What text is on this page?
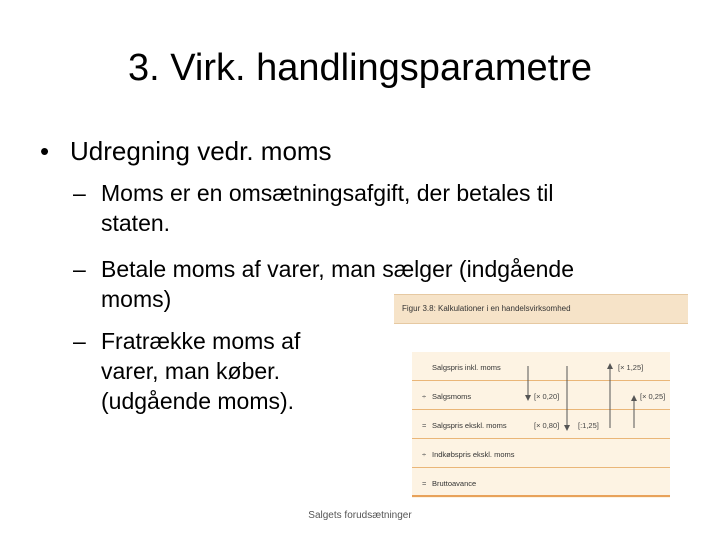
3. Virk. handlingsparametre
• Udregning vedr. moms
– Moms er en omsætningsafgift, der betales til
staten.
– Betale moms af varer, man sælger (indgående
moms)
– Fratrække moms af
varer, man køber.
(udgående moms).
Figur 3.8: Kalkulationer i en handelsvirksomhed
Salgspris inkl. moms
÷ Salgsmoms
= Salgspris ekskl. moms
÷ Indkøbspris ekskl. moms
= Bruttoavance
[× 1,25]
[× 0,20]	[× 0,25]
[× 0,80]	[:1,25]
Salgets forudsætninger
